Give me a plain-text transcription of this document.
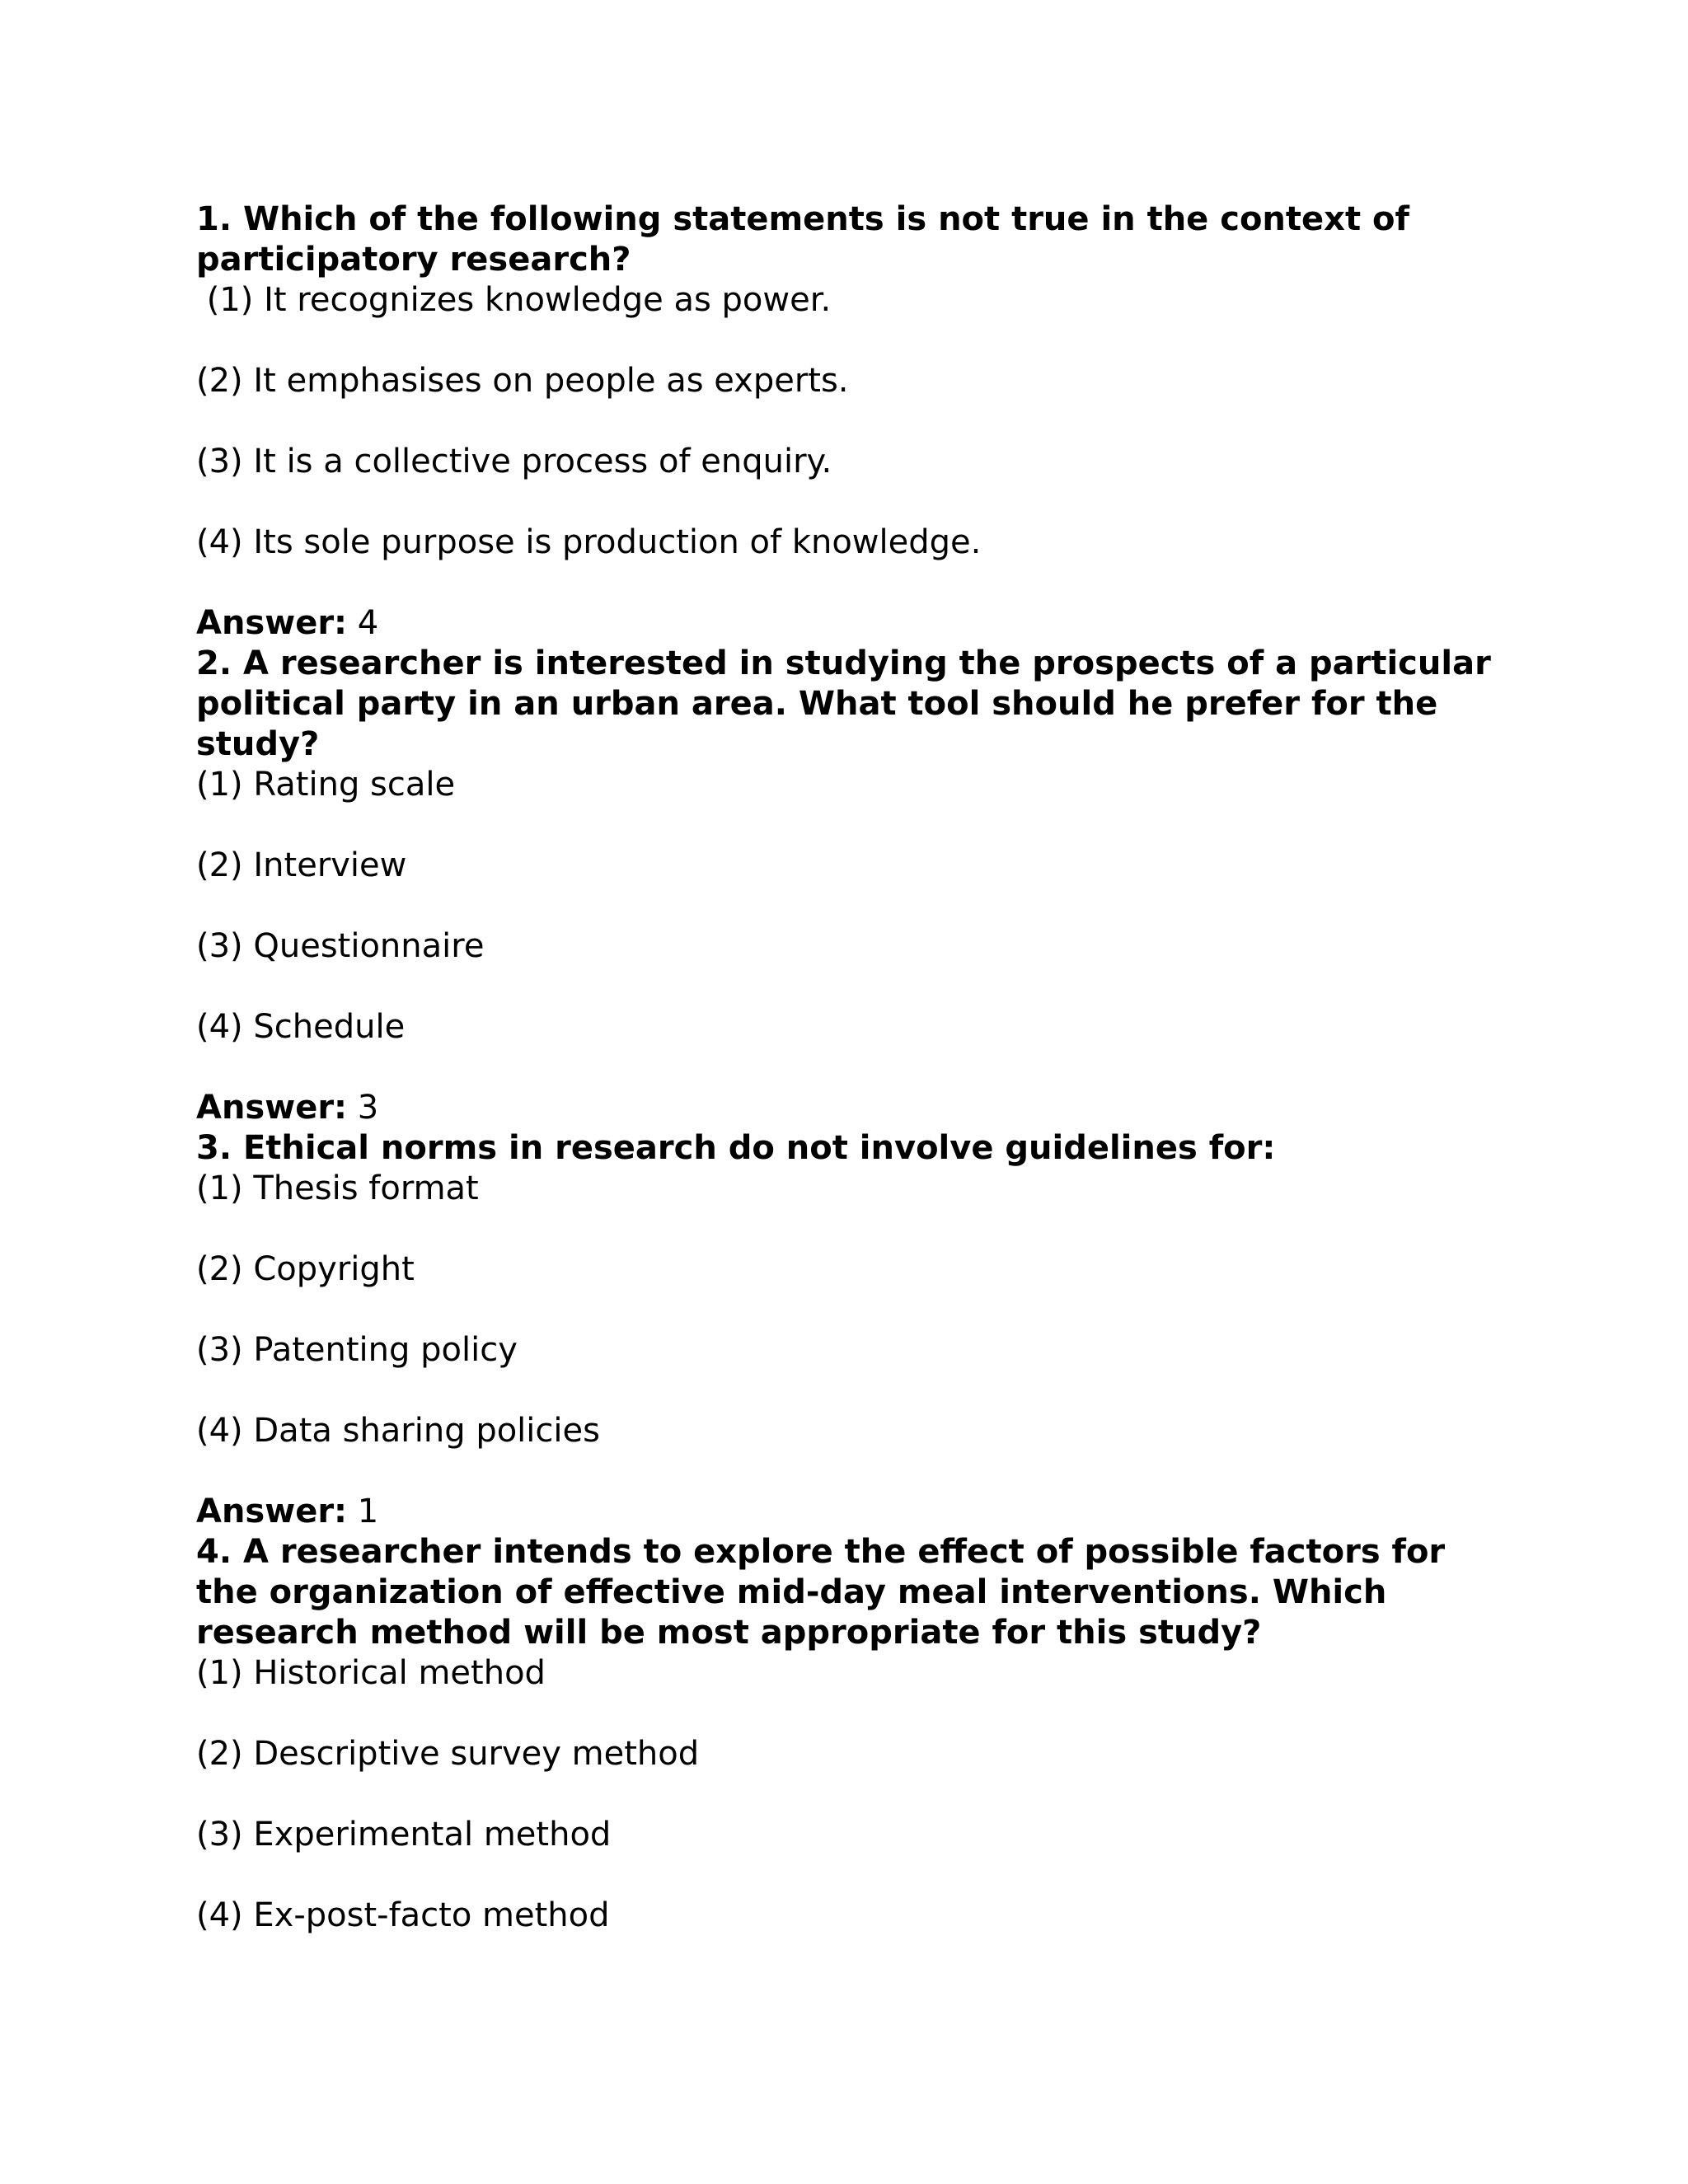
1. Which of the following statements is not true in the context of participatory research?

(1) It recognizes knowledge as power.

(2) It emphasises on people as experts.

(3) It is a collective process of enquiry.

(4) Its sole purpose is production of knowledge.

Answer: 4

2. A researcher is interested in studying the prospects of a particular political party in an urban area. What tool should he prefer for the study?

(1) Rating scale

(2) Interview

(3) Questionnaire

(4) Schedule

Answer: 3

3. Ethical norms in research do not involve guidelines for:

(1) Thesis format

(2) Copyright

(3) Patenting policy

(4) Data sharing policies

Answer: 1

4. A researcher intends to explore the effect of possible factors for the organization of effective mid-day meal interventions. Which research method will be most appropriate for this study?

(1) Historical method

(2) Descriptive survey method

(3) Experimental method

(4) Ex-post-facto method
